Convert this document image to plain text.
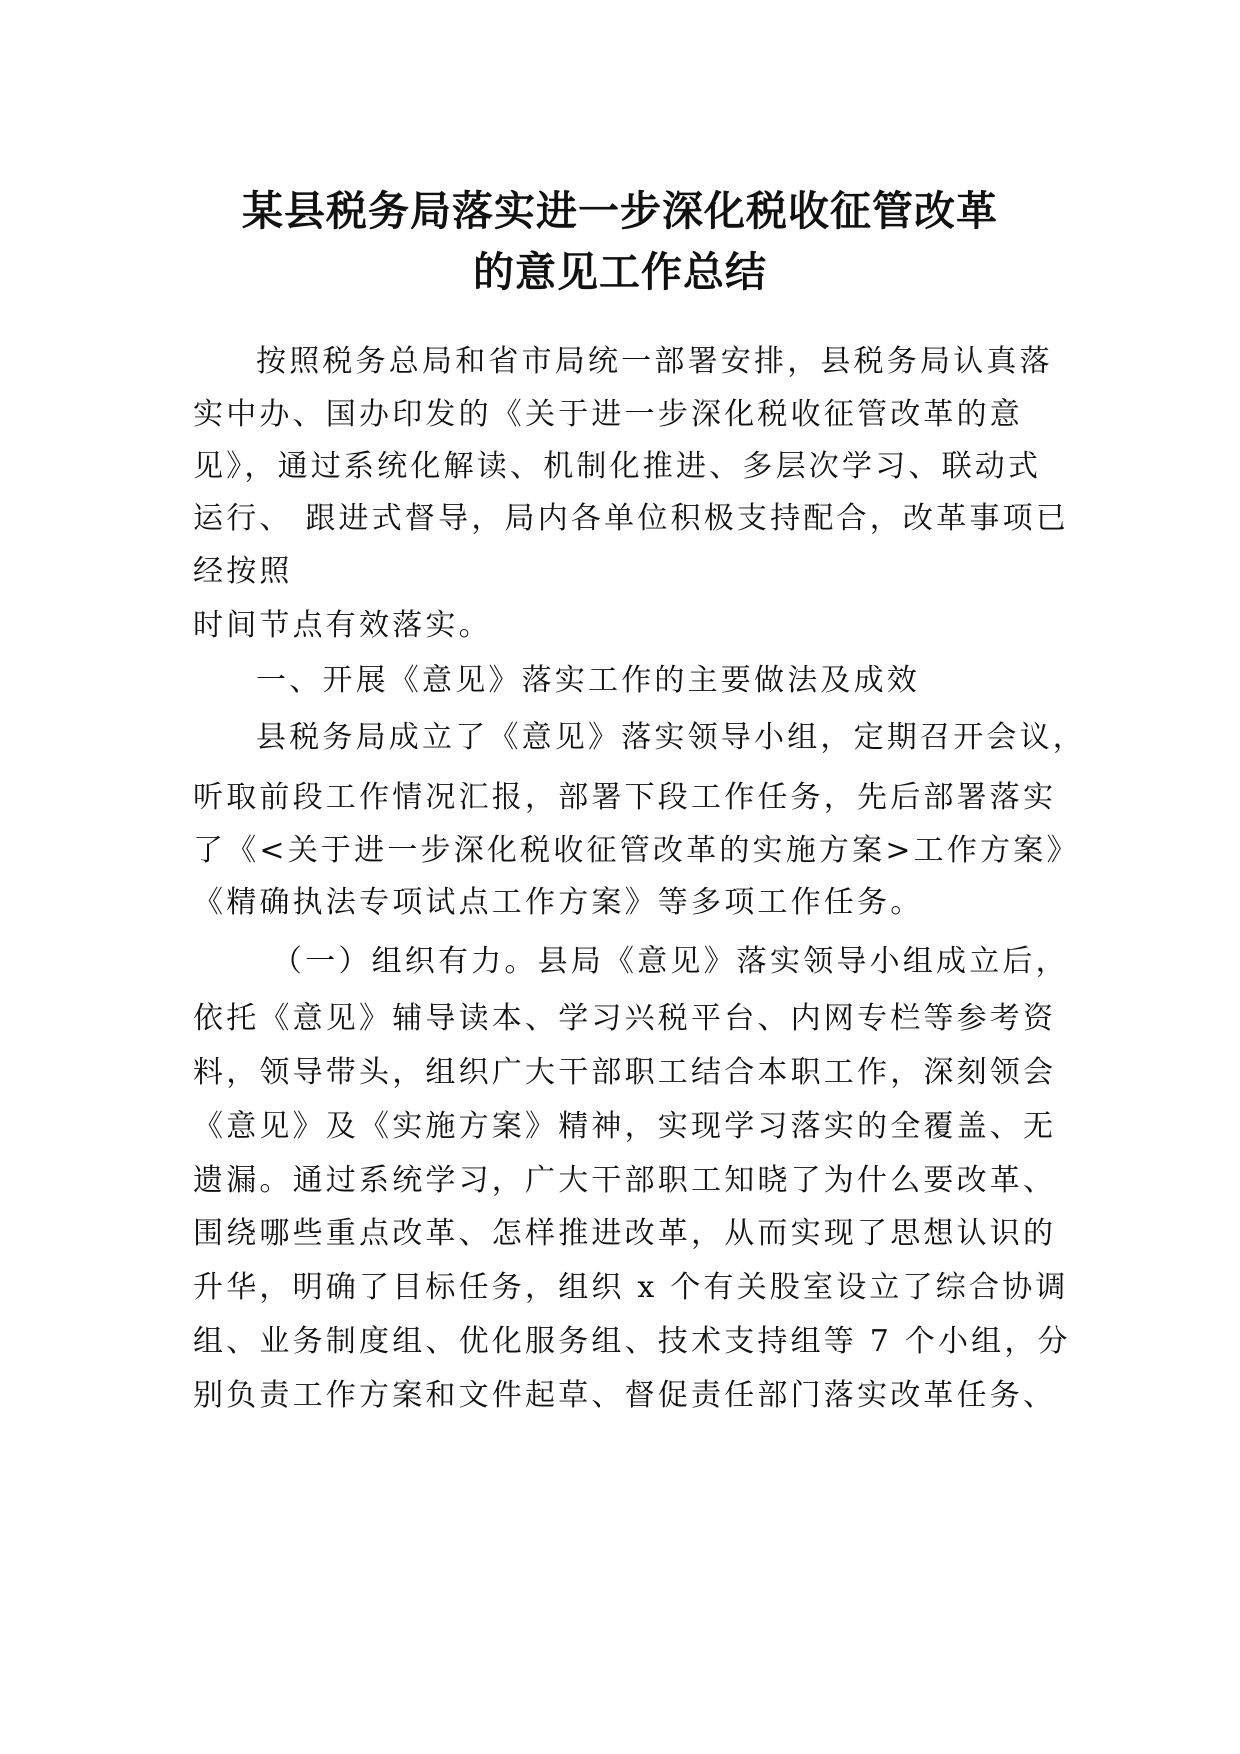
某县税务局落实进一步深化税收征管改革
的意见工作总结
按照税务总局和省市局统一部署安排，县税务局认真落
实中办、国办印发的《关于进一步深化税收征管改革的意
见》，通过系统化解读、机制化推进、多层次学习、联动式
运行、 跟进式督导，局内各单位积极支持配合，改革事项已
经按照
时间节点有效落实。
一、开展《意见》落实工作的主要做法及成效
县税务局成立了《意见》落实领导小组，定期召开会议，
听取前段工作情况汇报，部署下段工作任务，先后部署落实
了《<关于进一步深化税收征管改革的实施方案>工作方案》
《精确执法专项试点工作方案》等多项工作任务。
（一）组织有力。县局《意见》落实领导小组成立后，
依托《意见》辅导读本、学习兴税平台、内网专栏等参考资
料，领导带头，组织广大干部职工结合本职工作，深刻领会
《意见》及《实施方案》精神，实现学习落实的全覆盖、无
遗漏。通过系统学习，广大干部职工知晓了为什么要改革、
围绕哪些重点改革、怎样推进改革，从而实现了思想认识的
升华，明确了目标任务，组织 x 个有关股室设立了综合协调
组、业务制度组、优化服务组、技术支持组等 7 个小组，分
别负责工作方案和文件起草、督促责任部门落实改革任务、
